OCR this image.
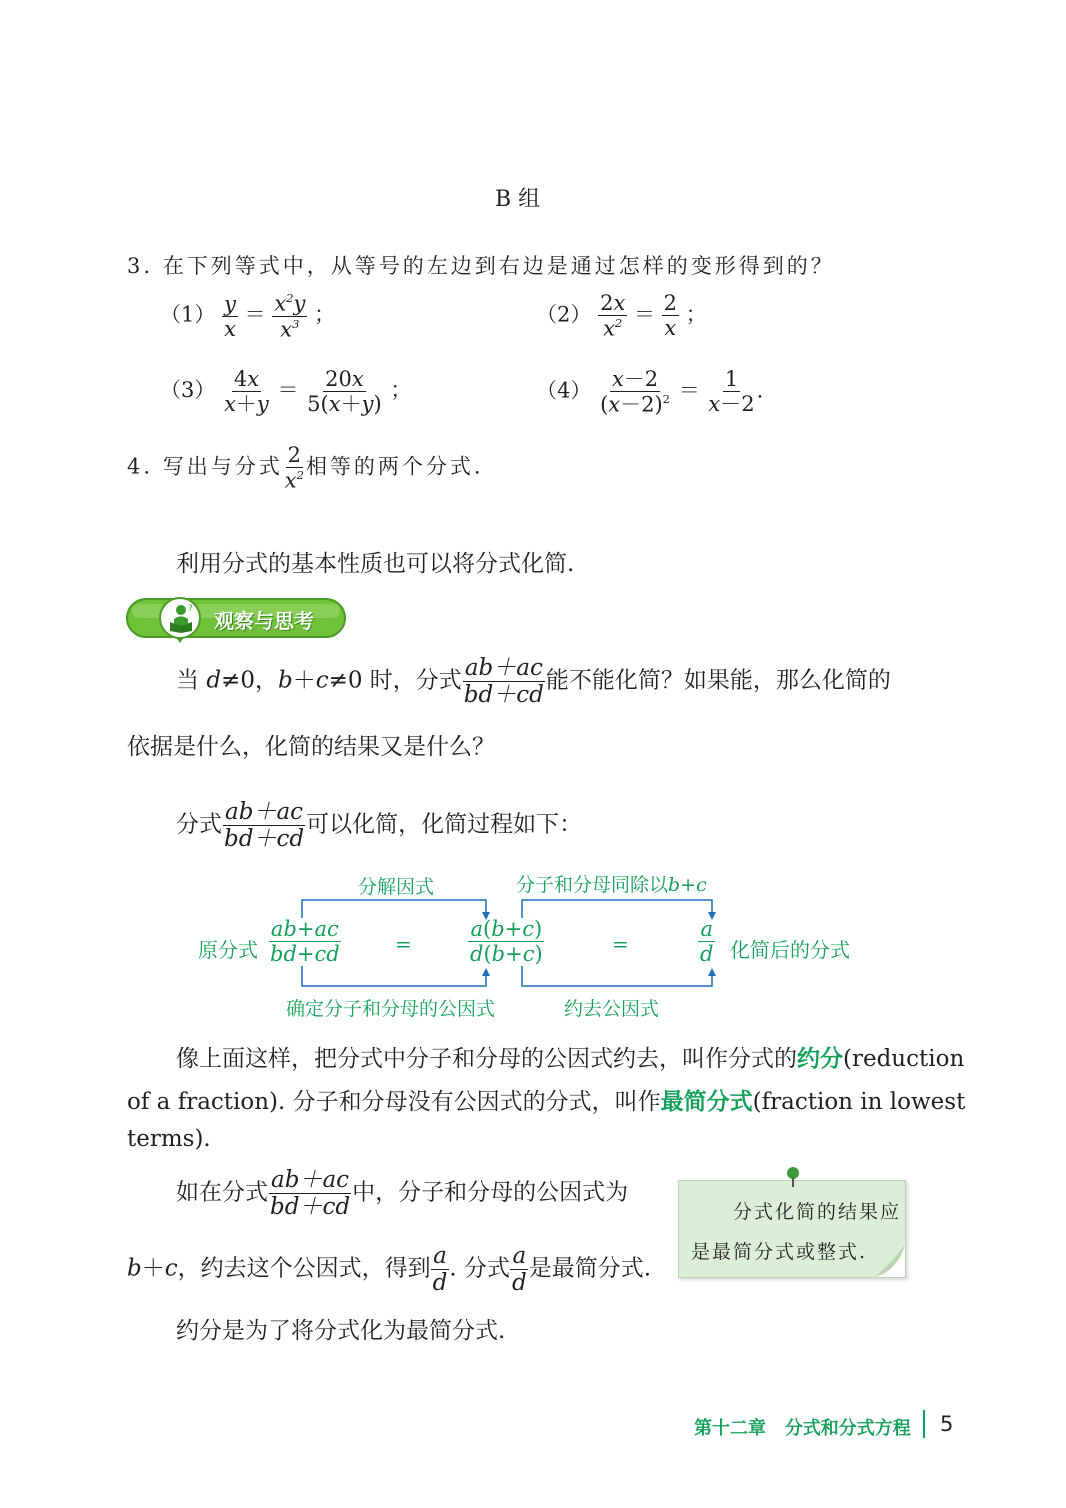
B 组
3. 在下列等式中，从等号的左边到右边是通过怎样的变形得到的？
$(1) \frac{y}{x} = \frac{x^2y}{x^3}$ ；	$(2) \frac{2x}{x^2} = \frac{2}{x}$ ；
$(3) \frac{4x}{x+y} = \frac{20x}{5(x+y)}$ ；	$(4) \frac{x-2}{(x-2)^2} = \frac{1}{x-2}$ .
4. 写出与分式 $\frac{2}{x^2}$ 相等的两个分式.
利用分式的基本性质也可以将分式化简.
? 观察与思考
当 d≠0，b＋c≠0 时，分式 $\frac{ab+ac}{bd+cd}$ 能不能化简？如果能，那么化简的
依据是什么，化简的结果又是什么？
分式 $\frac{ab+ac}{bd+cd}$ 可以化简，化简过程如下：
分解因式	分子和分母同除以b+c
原分式 $\frac{ab+ac}{bd+cd}$	=	$\frac{a(b+c)}{d(b+c)}$	=	$\frac{a}{d}$ 化简后的分式
确定分子和分母的公因式	约去公因式
像上面这样，把分式中分子和分母的公因式约去，叫作分式的约分(reduction
of a fraction). 分子和分母没有公因式的分式，叫作最简分式(fraction in lowest
terms).
如在分式 $\frac{ab+ac}{bd+cd}$ 中，分子和分母的公因式为
b＋c，约去这个公因式，得到 $\frac{a}{d}$ . 分式 $\frac{a}{d}$ 是最简分式.
分式化简的结果应
是最简分式或整式.
约分是为了将分式化为最简分式.
第十二章 分式和分式方程 5
